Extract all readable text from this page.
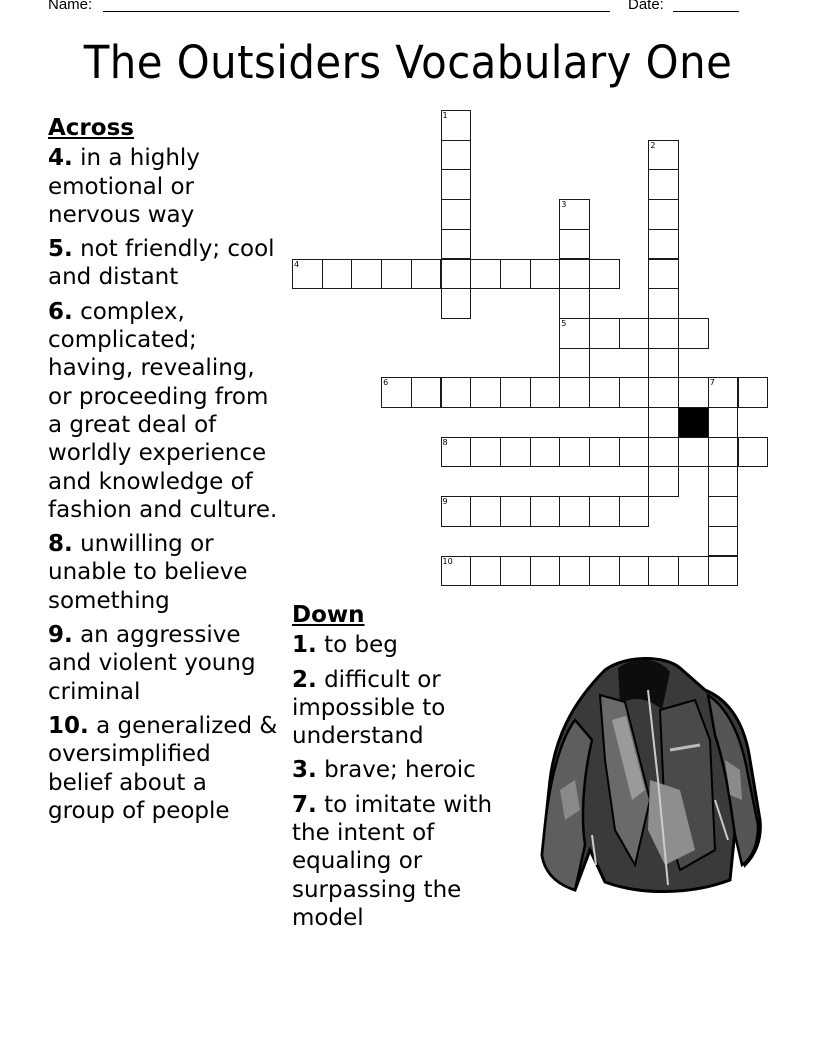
Name:	Date:
The Outsiders Vocabulary One
1
2
3
5
4
6	7
8
9
10
Across
4. in a highly emotional or nervous way
5. not friendly; cool and distant
6. complex, complicated; having, revealing, or proceeding from a great deal of worldly experience and knowledge of fashion and culture.
8. unwilling or unable to believe something
9. an aggressive and violent young criminal
10. a generalized & oversimplified belief about a group of people
Down
1. to beg
2. difficult or impossible to understand
3. brave; heroic
7. to imitate with the intent of equaling or surpassing the model
